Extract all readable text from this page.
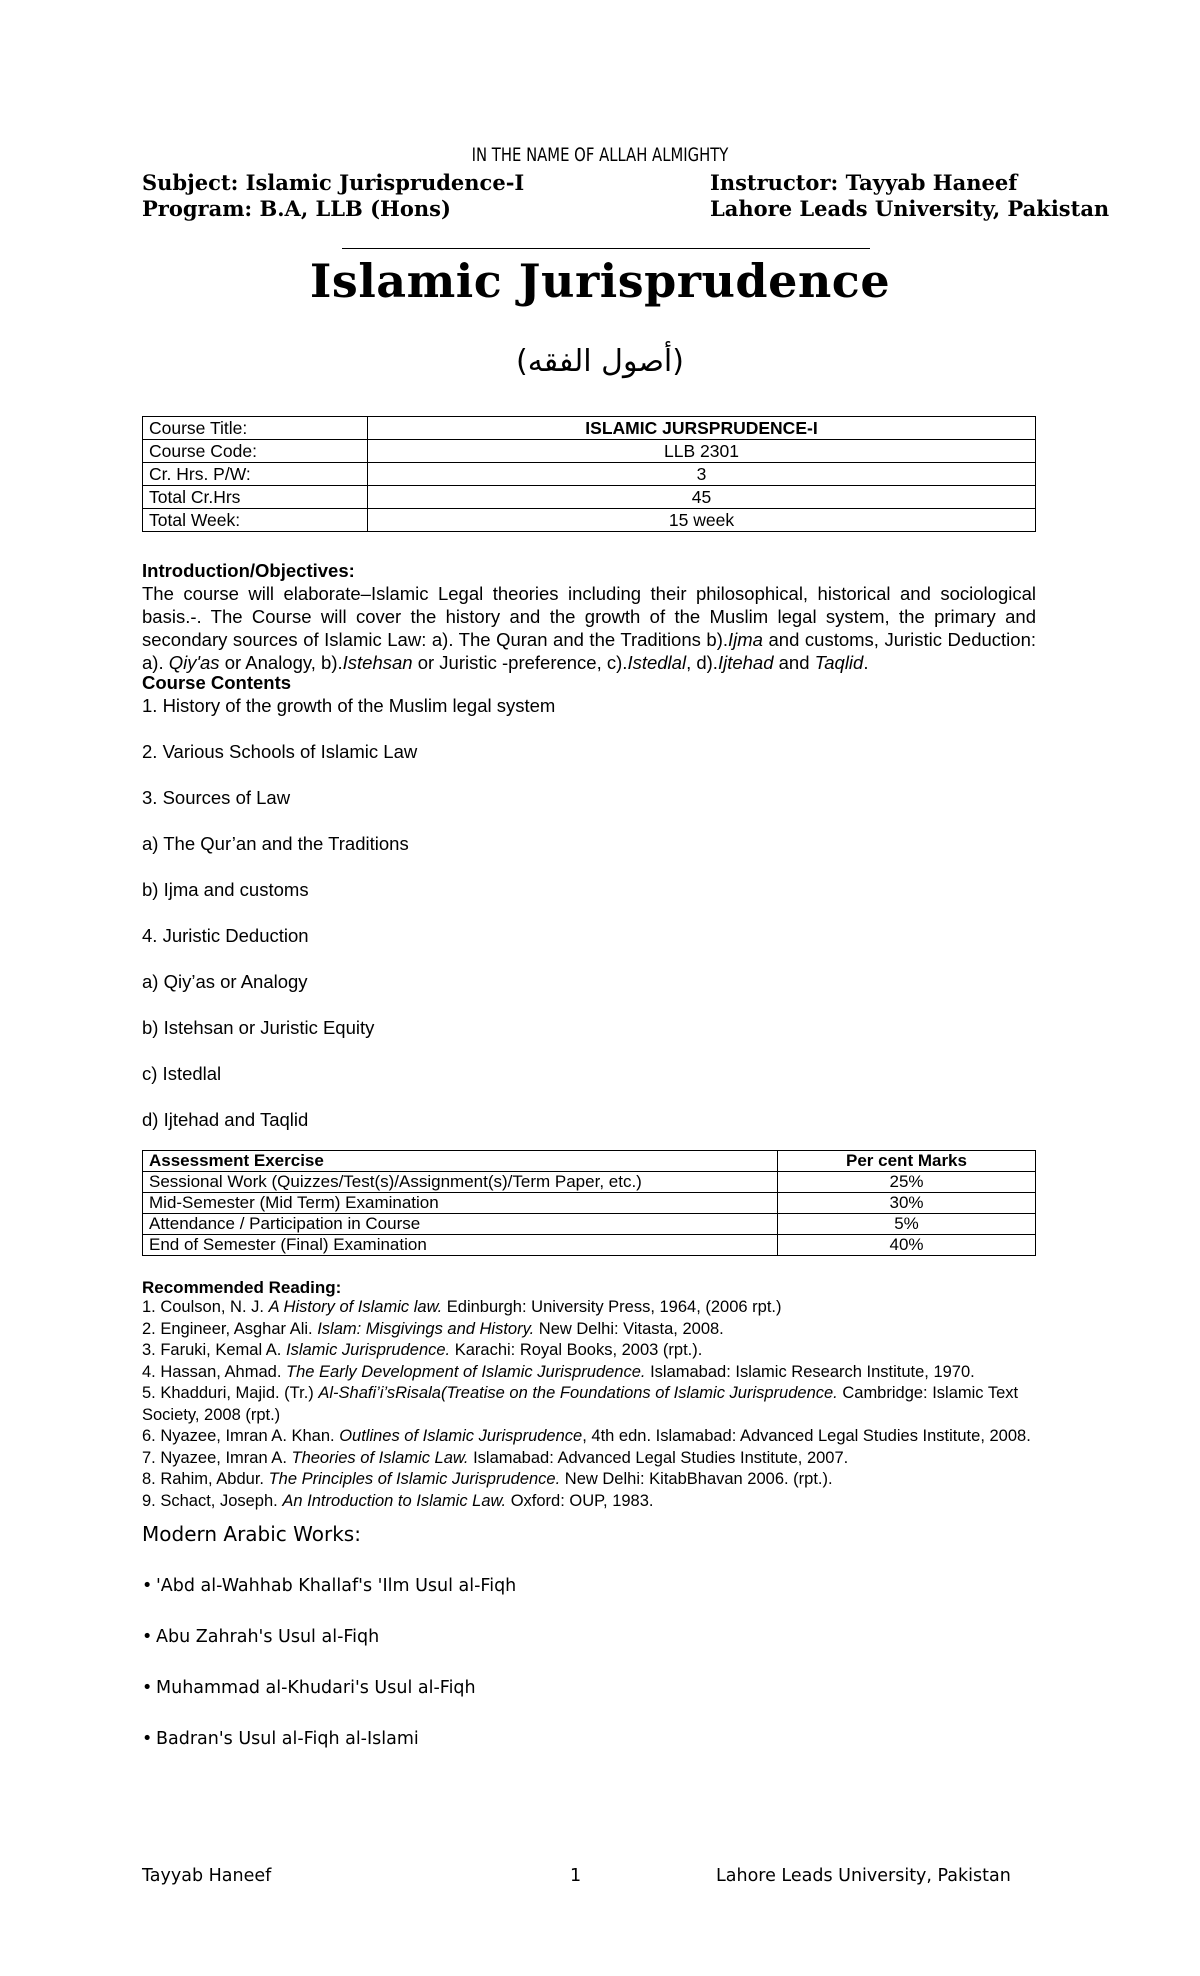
IN THE NAME OF ALLAH ALMIGHTY
Subject: Islamic Jurisprudence-I	Instructor: Tayyab Haneef
Program: B.A, LLB (Hons)	Lahore Leads University, Pakistan
Islamic Jurisprudence
(أصول الفقه)
Course Title:	ISLAMIC JURSPRUDENCE-I
Course Code:	LLB 2301
Cr. Hrs. P/W:	3
Total Cr.Hrs	45
Total Week:	15 week
Introduction/Objectives:
The course will elaborate–Islamic Legal theories including their philosophical, historical and sociological basis.-. The Course will cover the history and the growth of the Muslim legal system, the primary and secondary sources of Islamic Law: a). The Quran and the Traditions b).Ijma and customs, Juristic Deduction: a). Qiy'as or Analogy, b).Istehsan or Juristic -preference, c).Istedlal, d).Ijtehad and Taqlid.
Course Contents
1. History of the growth of the Muslim legal system
2. Various Schools of Islamic Law
3. Sources of Law
a) The Qur’an and the Traditions
b) Ijma and customs
4. Juristic Deduction
a) Qiy’as or Analogy
b) Istehsan or Juristic Equity
c) Istedlal
d) Ijtehad and Taqlid
Assessment Exercise	Per cent Marks
Sessional Work (Quizzes/Test(s)/Assignment(s)/Term Paper, etc.)	25%
Mid-Semester (Mid Term) Examination	30%
Attendance / Participation in Course	5%
End of Semester (Final) Examination	40%
Recommended Reading:
1. Coulson, N. J. A History of Islamic law. Edinburgh: University Press, 1964, (2006 rpt.)
2. Engineer, Asghar Ali. Islam: Misgivings and History. New Delhi: Vitasta, 2008.
3. Faruki, Kemal A. Islamic Jurisprudence. Karachi: Royal Books, 2003 (rpt.).
4. Hassan, Ahmad. The Early Development of Islamic Jurisprudence. Islamabad: Islamic Research Institute, 1970.
5. Khadduri, Majid. (Tr.) Al-Shafi’i’sRisala(Treatise on the Foundations of Islamic Jurisprudence. Cambridge: Islamic Text Society, 2008 (rpt.)
6. Nyazee, Imran A. Khan. Outlines of Islamic Jurisprudence, 4th edn. Islamabad: Advanced Legal Studies Institute, 2008.
7. Nyazee, Imran A. Theories of Islamic Law. Islamabad: Advanced Legal Studies Institute, 2007.
8. Rahim, Abdur. The Principles of Islamic Jurisprudence. New Delhi: KitabBhavan 2006. (rpt.).
9. Schact, Joseph. An Introduction to Islamic Law. Oxford: OUP, 1983.
Modern Arabic Works:
• 'Abd al-Wahhab Khallaf's 'Ilm Usul al-Fiqh
• Abu Zahrah's Usul al-Fiqh
• Muhammad al-Khudari's Usul al-Fiqh
• Badran's Usul al-Fiqh al-Islami
Tayyab Haneef	1	Lahore Leads University, Pakistan
